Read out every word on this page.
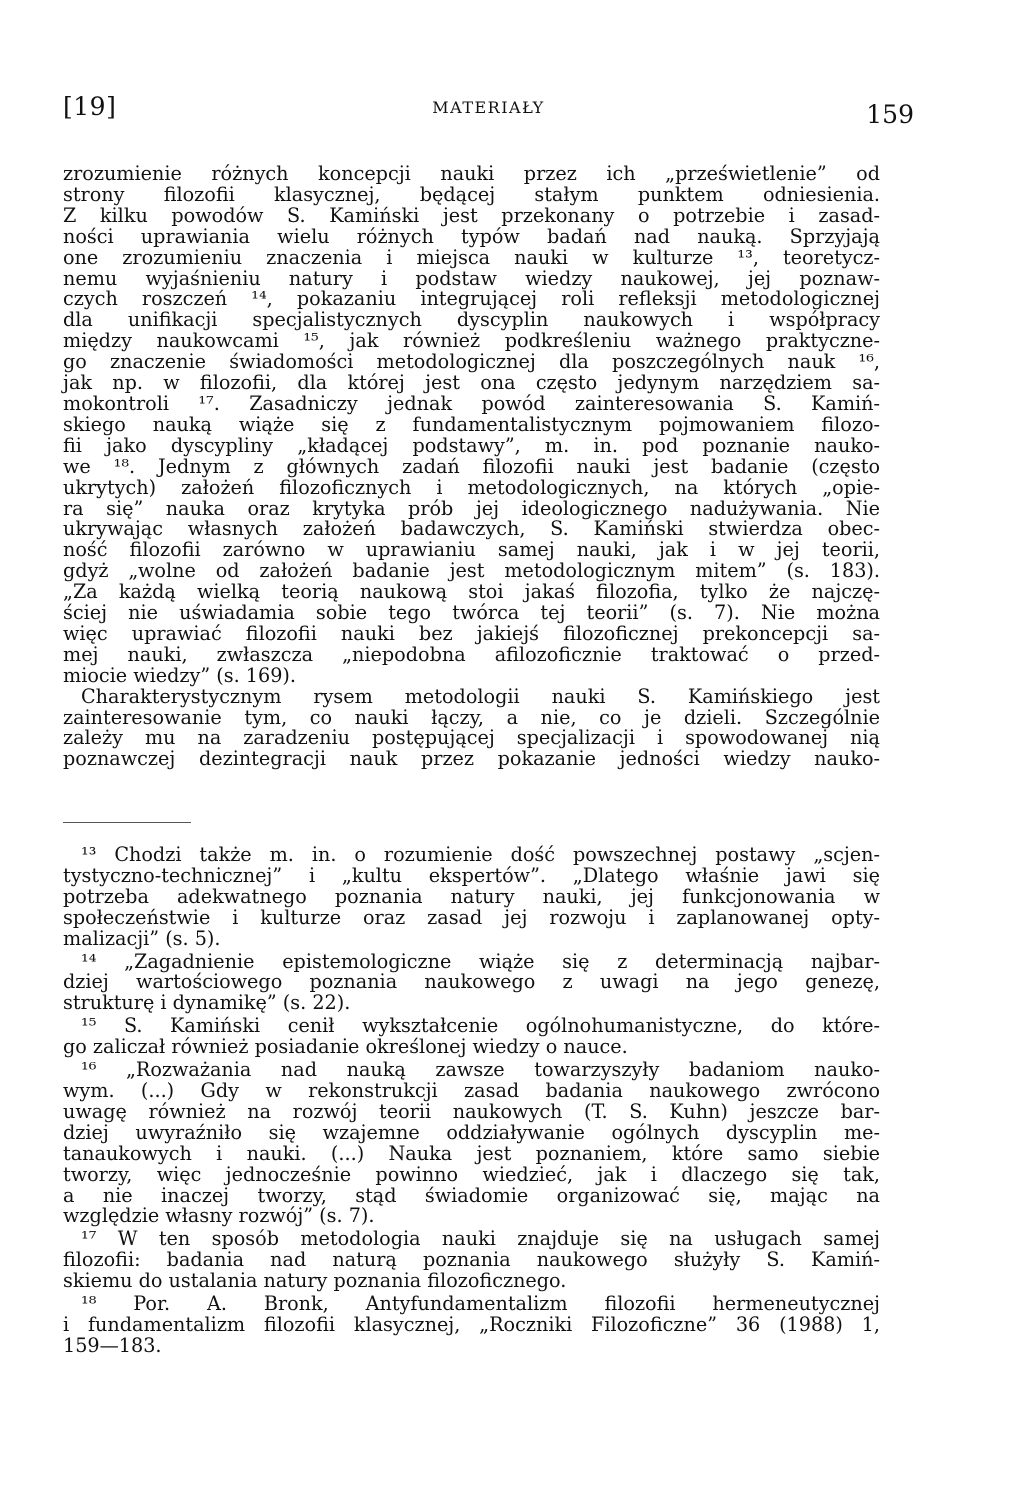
[19]	MATERIAŁY	159
zrozumienie różnych koncepcji nauki przez ich „prześwietlenie” od
strony filozofii klasycznej, będącej stałym punktem odniesienia.
Z kilku powodów S. Kamiński jest przekonany o potrzebie i zasad-
ności uprawiania wielu różnych typów badań nad nauką. Sprzyjają
one zrozumieniu znaczenia i miejsca nauki w kulturze ¹³, teoretycz-
nemu wyjaśnieniu natury i podstaw wiedzy naukowej, jej poznaw-
czych roszczeń ¹⁴, pokazaniu integrującej roli refleksji metodologicznej
dla unifikacji specjalistycznych dyscyplin naukowych i współpracy
między naukowcami ¹⁵, jak również podkreśleniu ważnego praktyczne-
go znaczenie świadomości metodologicznej dla poszczególnych nauk ¹⁶,
jak np. w filozofii, dla której jest ona często jedynym narzędziem sa-
mokontroli ¹⁷. Zasadniczy jednak powód zainteresowania S. Kamiń-
skiego nauką wiąże się z fundamentalistycznym pojmowaniem filozo-
fii jako dyscypliny „kładącej podstawy”, m. in. pod poznanie nauko-
we ¹⁸. Jednym z głównych zadań filozofii nauki jest badanie (często
ukrytych) założeń filozoficznych i metodologicznych, na których „opie-
ra się” nauka oraz krytyka prób jej ideologicznego nadużywania. Nie
ukrywając własnych założeń badawczych, S. Kamiński stwierdza obec-
ność filozofii zarówno w uprawianiu samej nauki, jak i w jej teorii,
gdyż „wolne od założeń badanie jest metodologicznym mitem” (s. 183).
„Za każdą wielką teorią naukową stoi jakaś filozofia, tylko że najczę-
ściej nie uświadamia sobie tego twórca tej teorii” (s. 7). Nie można
więc uprawiać filozofii nauki bez jakiejś filozoficznej prekoncepcji sa-
mej nauki, zwłaszcza „niepodobna afilozoficznie traktować o przed-
miocie wiedzy” (s. 169).
Charakterystycznym rysem metodologii nauki S. Kamińskiego jest
zainteresowanie tym, co nauki łączy, a nie, co je dzieli. Szczególnie
zależy mu na zaradzeniu postępującej specjalizacji i spowodowanej nią
poznawczej dezintegracji nauk przez pokazanie jedności wiedzy nauko-
¹³ Chodzi także m. in. o rozumienie dość powszechnej postawy „scjen-
tystyczno-technicznej” i „kultu ekspertów”. „Dlatego właśnie jawi się
potrzeba adekwatnego poznania natury nauki, jej funkcjonowania w
społeczeństwie i kulturze oraz zasad jej rozwoju i zaplanowanej opty-
malizacji” (s. 5).
¹⁴ „Zagadnienie epistemologiczne wiąże się z determinacją najbar-
dziej wartościowego poznania naukowego z uwagi na jego genezę,
strukturę i dynamikę” (s. 22).
¹⁵ S. Kamiński cenił wykształcenie ogólnohumanistyczne, do które-
go zaliczał również posiadanie określonej wiedzy o nauce.
¹⁶ „Rozważania nad nauką zawsze towarzyszyły badaniom nauko-
wym. (...) Gdy w rekonstrukcji zasad badania naukowego zwrócono
uwagę również na rozwój teorii naukowych (T. S. Kuhn) jeszcze bar-
dziej uwyraźniło się wzajemne oddziaływanie ogólnych dyscyplin me-
tanaukowych i nauki. (...) Nauka jest poznaniem, które samo siebie
tworzy, więc jednocześnie powinno wiedzieć, jak i dlaczego się tak,
a nie inaczej tworzy, stąd świadomie organizować się, mając na
względzie własny rozwój” (s. 7).
¹⁷ W ten sposób metodologia nauki znajduje się na usługach samej
filozofii: badania nad naturą poznania naukowego służyły S. Kamiń-
skiemu do ustalania natury poznania filozoficznego.
¹⁸ Por. A. Bronk, Antyfundamentalizm filozofii hermeneutycznej
i fundamentalizm filozofii klasycznej, „Roczniki Filozoficzne” 36 (1988) 1,
159—183.
